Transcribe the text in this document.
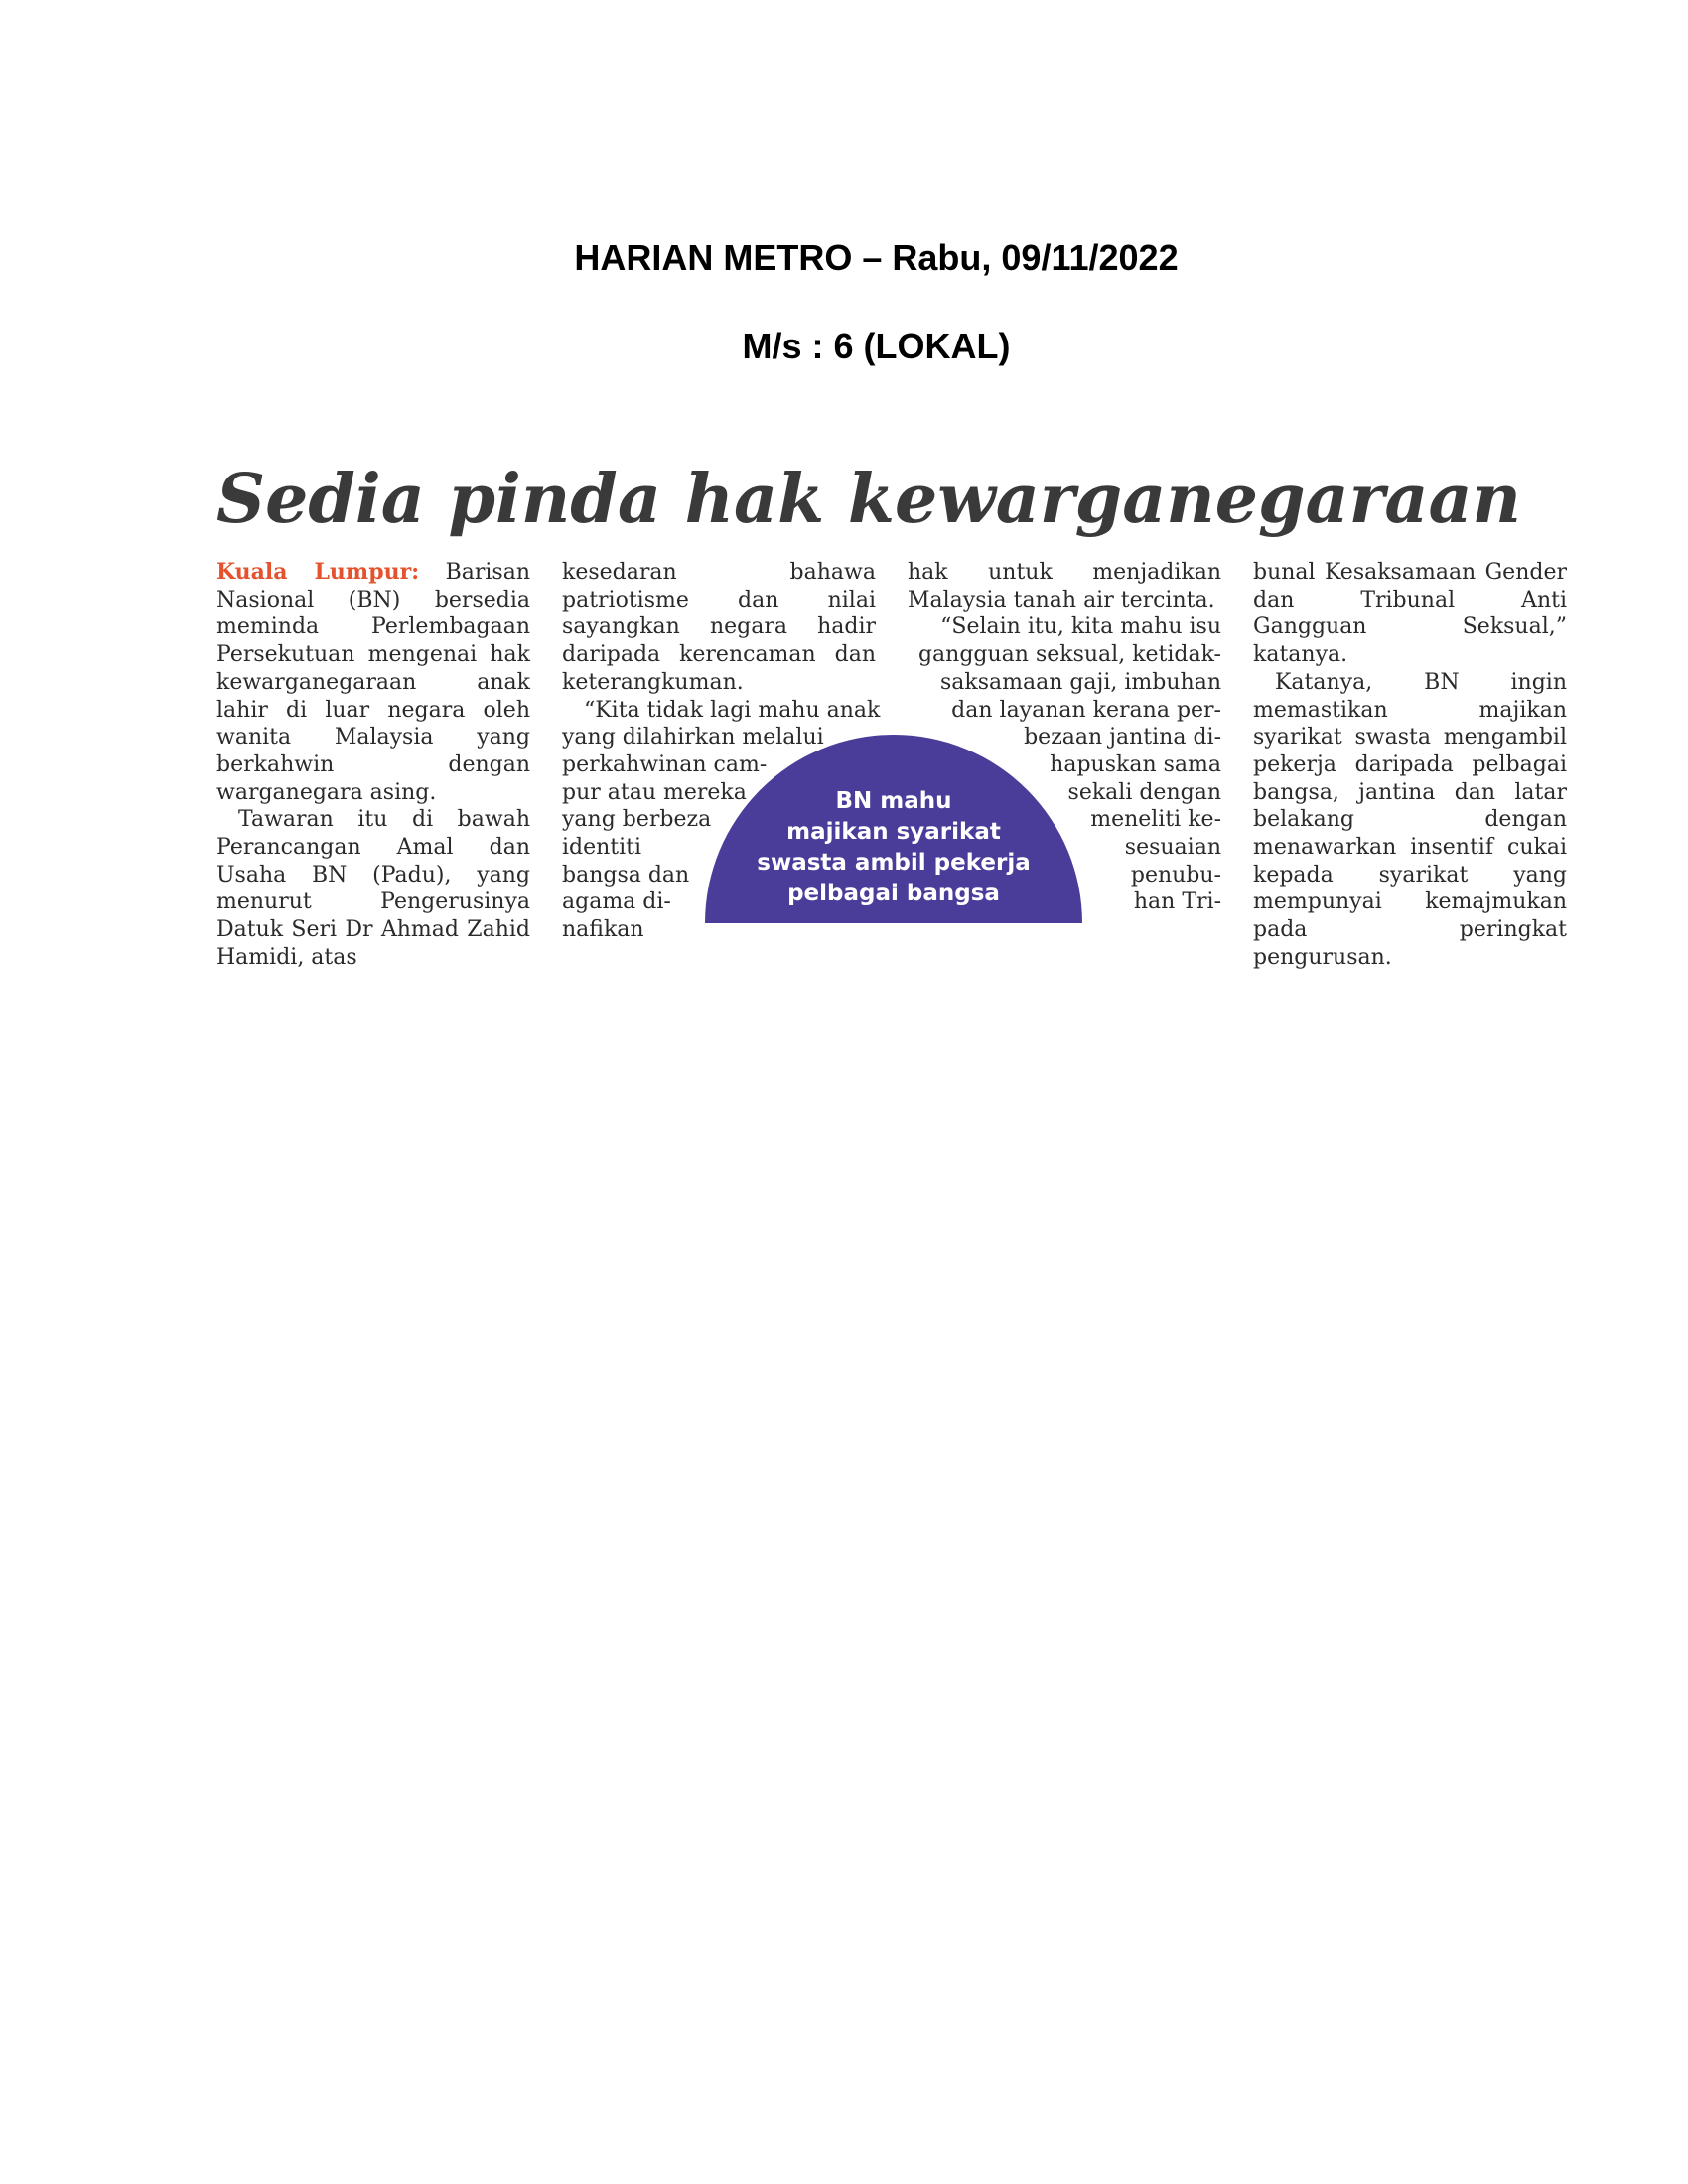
HARIAN METRO – Rabu, 09/11/2022

M/s : 6 (LOKAL)

Sedia pinda hak kewarganegaraan

Kuala Lumpur: Barisan Nasional (BN) bersedia meminda Perlembagaan Persekutuan mengenai hak kewarganegaraan anak lahir di luar negara oleh wanita Malaysia yang berkahwin dengan warganegara asing.

Tawaran itu di bawah Perancangan Amal dan Usaha BN (Padu), yang menurut Pengerusinya Datuk Seri Dr Ahmad Zahid Hamidi, atas

kesedaran bahawa patriotisme dan nilai sayangkan negara hadir daripada kerencaman dan keterangkuman.

“Kita tidak lagi mahu anak
yang dilahirkan melalui
perkahwinan cam-
pur atau mereka
yang berbeza
identiti
bangsa dan
agama di-
nafikan

hak untuk menjadikan Malaysia tanah air tercinta.

“Selain itu, kita mahu isu
gangguan seksual, ketidak-
saksamaan gaji, imbuhan
dan layanan kerana per-
bezaan jantina di-
hapuskan sama
sekali dengan
meneliti ke-
sesuaian
penubu-
han Tri-

bunal Kesaksamaan Gender dan Tribunal Anti Gangguan Seksual,” katanya.

Katanya, BN ingin memastikan majikan syarikat swasta mengambil pekerja daripada pelbagai bangsa, jantina dan latar belakang dengan menawarkan insentif cukai kepada syarikat yang mempunyai kemajmukan pada peringkat pengurusan.

BN mahu
majikan syarikat
swasta ambil pekerja
pelbagai bangsa
